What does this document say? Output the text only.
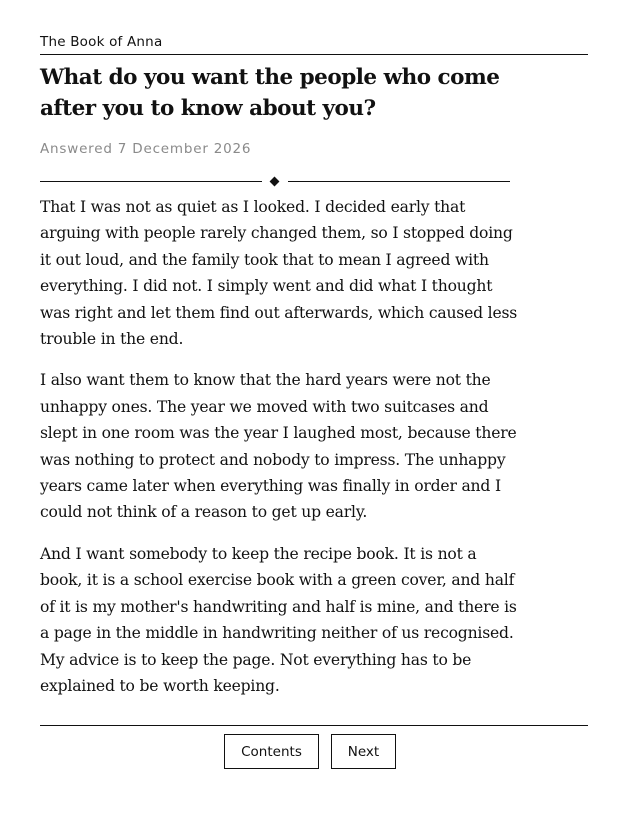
The Book of Anna
What do you want the people who come after you to know about you?
Answered 7 December 2026

That I was not as quiet as I looked. I decided early that arguing with people rarely changed them, so I stopped doing it out loud, and the family took that to mean I agreed with everything. I did not. I simply went and did what I thought was right and let them find out afterwards, which caused less trouble in the end.

I also want them to know that the hard years were not the unhappy ones. The year we moved with two suitcases and slept in one room was the year I laughed most, because there was nothing to protect and nobody to impress. The unhappy years came later when everything was finally in order and I could not think of a reason to get up early.

And I want somebody to keep the recipe book. It is not a book, it is a school exercise book with a green cover, and half of it is my mother's handwriting and half is mine, and there is a page in the middle in handwriting neither of us recognised. My advice is to keep the page. Not everything has to be explained to be worth keeping.

Contents	Next
